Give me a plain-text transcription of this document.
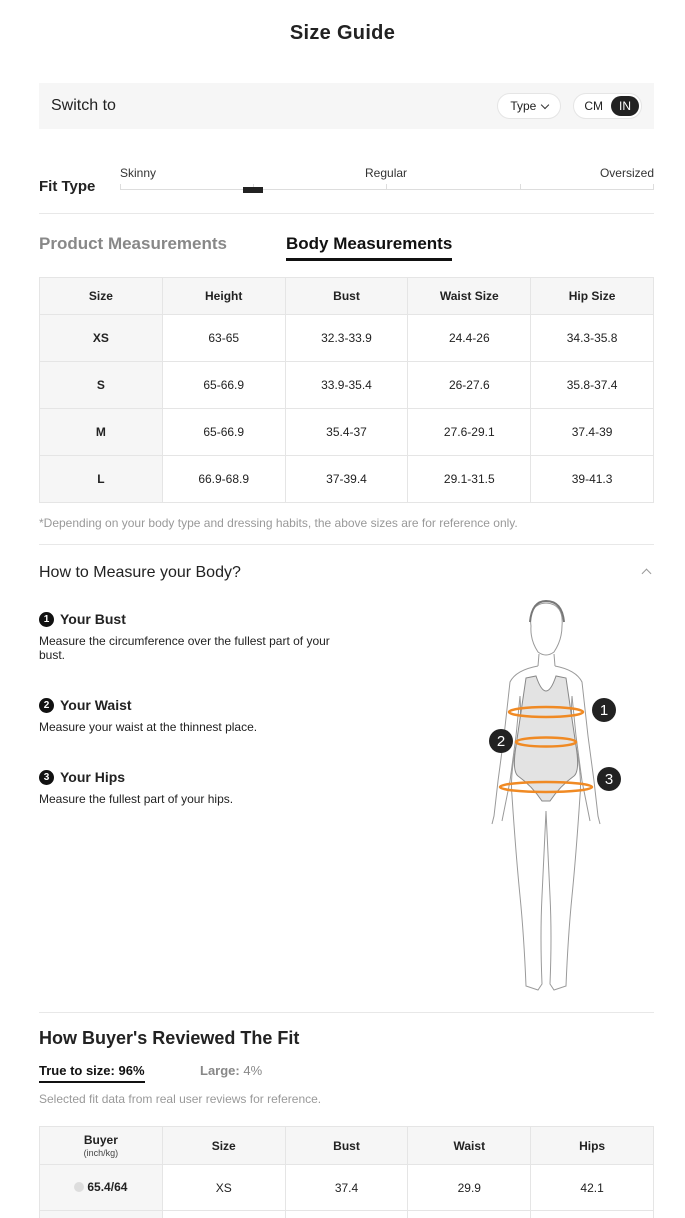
Size Guide
Switch to	Type	CM	IN
Fit Type
Skinny	Regular	Oversized
Product Measurements	Body Measurements
Size	Height	Bust	Waist Size	Hip Size
XS	63-65	32.3-33.9	24.4-26	34.3-35.8
S	65-66.9	33.9-35.4	26-27.6	35.8-37.4
M	65-66.9	35.4-37	27.6-29.1	37.4-39
L	66.9-68.9	37-39.4	29.1-31.5	39-41.3
*Depending on your body type and dressing habits, the above sizes are for reference only.
How to Measure your Body?
1 Your Bust
Measure the circumference over the fullest part of your bust.
2 Your Waist
Measure your waist at the thinnest place.
3 Your Hips
Measure the fullest part of your hips.
1
2
3
How Buyer's Reviewed The Fit
True to size: 96%	Large: 4%
Selected fit data from real user reviews for reference.
Buyer
(inch/kg)	Size	Bust	Waist	Hips

65.4/64	XS	37.4	29.9	42.1
